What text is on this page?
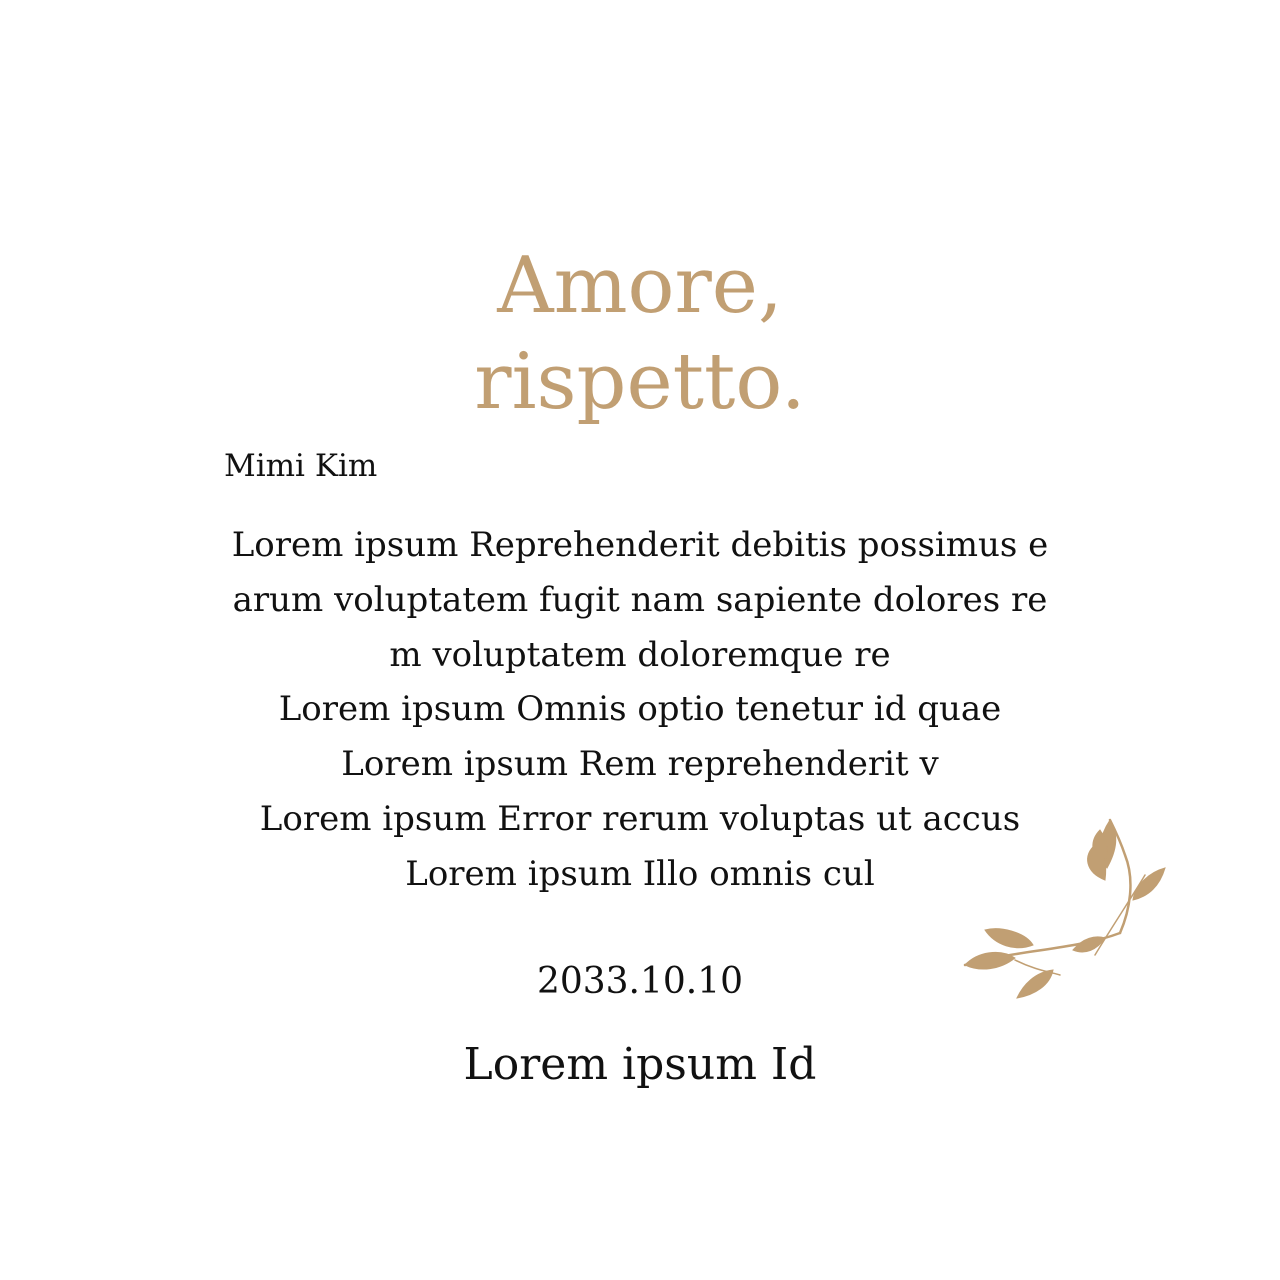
Amore,
rispetto.
Mimi Kim
Lorem ipsum Reprehenderit debitis possimus e
arum voluptatem fugit nam sapiente dolores re
m voluptatem doloremque re
Lorem ipsum Omnis optio tenetur id quae
Lorem ipsum Rem reprehenderit v
Lorem ipsum Error rerum voluptas ut accus
Lorem ipsum Illo omnis cul
2033.10.10
Lorem ipsum Id
